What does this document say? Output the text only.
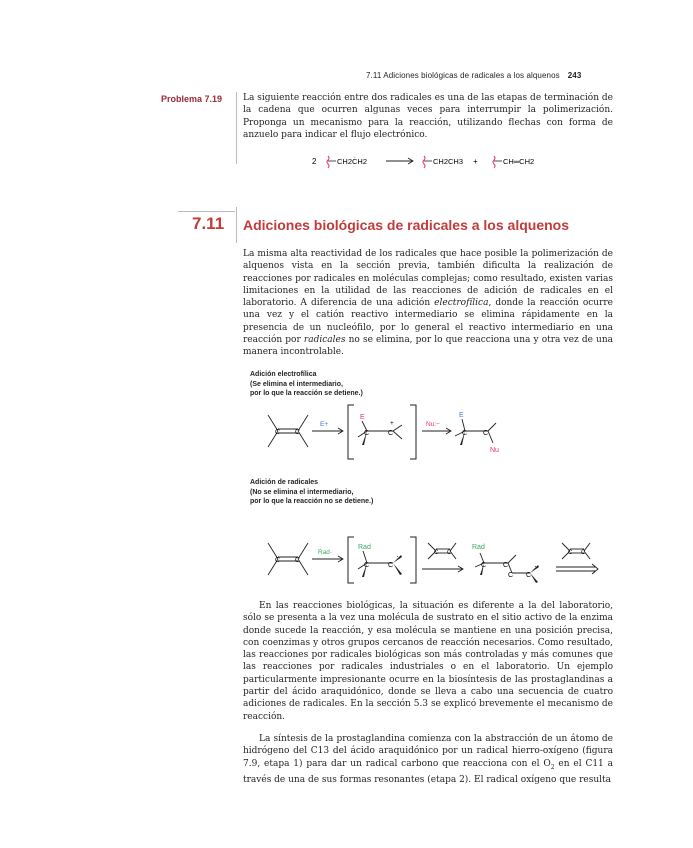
7.11 Adiciones biológicas de radicales a los alquenos 243
Problema 7.19 La siguiente reacción entre dos radicales es una de las etapas de terminación de la cadena que ocurren algunas veces para interrumpir la polimerización. Proponga un mecanismo para la reacción, utilizando flechas con forma de anzuelo para indicar el flujo electrónico.
2	CH2ĊH2	CH2CH3 +	CH═CH2
7.11 Adiciones biológicas de radicales a los alquenos

La misma alta reactividad de los radicales que hace posible la polimerización de alquenos vista en la sección previa, también dificulta la realización de reacciones por radicales en moléculas complejas; como resultado, existen varias limitaciones en la utilidad de las reacciones de adición de radicales en el laboratorio. A diferencia de una adición electrofílica, donde la reacción ocurre una vez y el catión reactivo intermediario se elimina rápidamente en la presencia de un nucleófilo, por lo general el reactivo intermediario en una reacción por radicales no se elimina, por lo que reacciona una y otra vez de una manera incontrolable.

Adición electrofílica
(Se elimina el intermediario,
por lo que la reacción se detiene.)
C C
E+
E
C	C
+	Nu:−
E
C C
Nu
Adición de radicales
(No se elimina el intermediario,
por lo que la reacción no se detiene.)
C C
Rad·
Rad
C	C
·	C C
Rad
C C
C C
·
C C

En las reacciones biológicas, la situación es diferente a la del laboratorio, sólo se presenta a la vez una molécula de sustrato en el sitio activo de la enzima donde sucede la reacción, y esa molécula se mantiene en una posición precisa, con coenzimas y otros grupos cercanos de reacción necesarios. Como resultado, las reacciones por radicales biológicas son más controladas y más comunes que las reacciones por radicales industriales o en el laboratorio. Un ejemplo particularmente impresionante ocurre en la biosíntesis de las prostaglandinas a partir del ácido araquidónico, donde se lleva a cabo una secuencia de cuatro adiciones de radicales. En la sección 5.3 se explicó brevemente el mecanismo de reacción.

La síntesis de la prostaglandina comienza con la abstracción de un átomo de hidrógeno del C13 del ácido araquidónico por un radical hierro-oxígeno (figura 7.9, etapa 1) para dar un radical carbono que reacciona con el $O_2$ en el C11 a través de una de sus formas resonantes (etapa 2). El radical oxígeno que resulta
